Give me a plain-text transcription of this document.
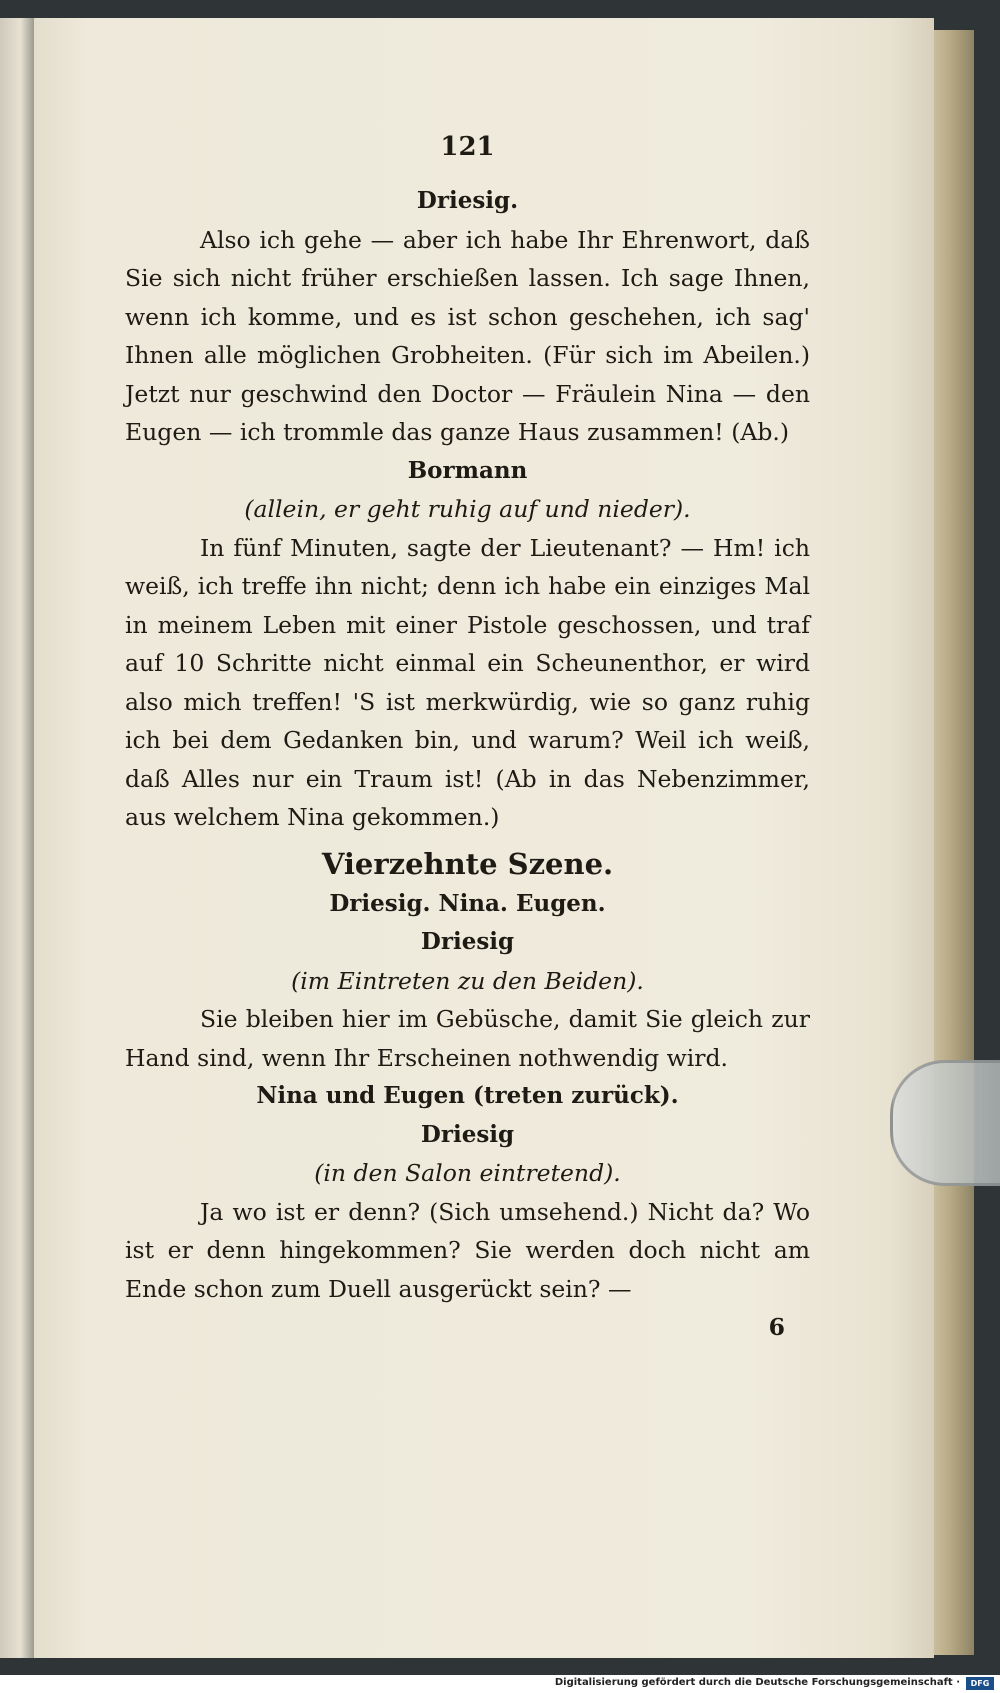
121
Driesig.

Also ich gehe — aber ich habe Ihr Ehrenwort, daß Sie sich nicht früher erschießen lassen. Ich sage Ihnen, wenn ich komme, und es ist schon geschehen, ich sag' Ihnen alle möglichen Grobheiten. (Für sich im Abeilen.) Jetzt nur geschwind den Doctor — Fräulein Nina — den Eugen — ich trommle das ganze Haus zusammen! (Ab.)

Bormann
(allein, er geht ruhig auf und nieder).

In fünf Minuten, sagte der Lieutenant? — Hm! ich weiß, ich treffe ihn nicht; denn ich habe ein einziges Mal in meinem Leben mit einer Pistole geschossen, und traf auf 10 Schritte nicht einmal ein Scheunenthor, er wird also mich treffen! 'S ist merkwürdig, wie so ganz ruhig ich bei dem Gedanken bin, und warum? Weil ich weiß, daß Alles nur ein Traum ist! (Ab in das Nebenzimmer, aus welchem Nina gekommen.)

Vierzehnte Szene.
Driesig. Nina. Eugen.
Driesig
(im Eintreten zu den Beiden).

Sie bleiben hier im Gebüsche, damit Sie gleich zur Hand sind, wenn Ihr Erscheinen nothwendig wird.

Nina und Eugen (treten zurück).
Driesig
(in den Salon eintretend).

Ja wo ist er denn? (Sich umsehend.) Nicht da? Wo ist er denn hingekommen? Sie werden doch nicht am Ende schon zum Duell ausgerückt sein? —

6
Digitalisierung gefördert durch die Deutsche Forschungsgemeinschaft ·	DFG
